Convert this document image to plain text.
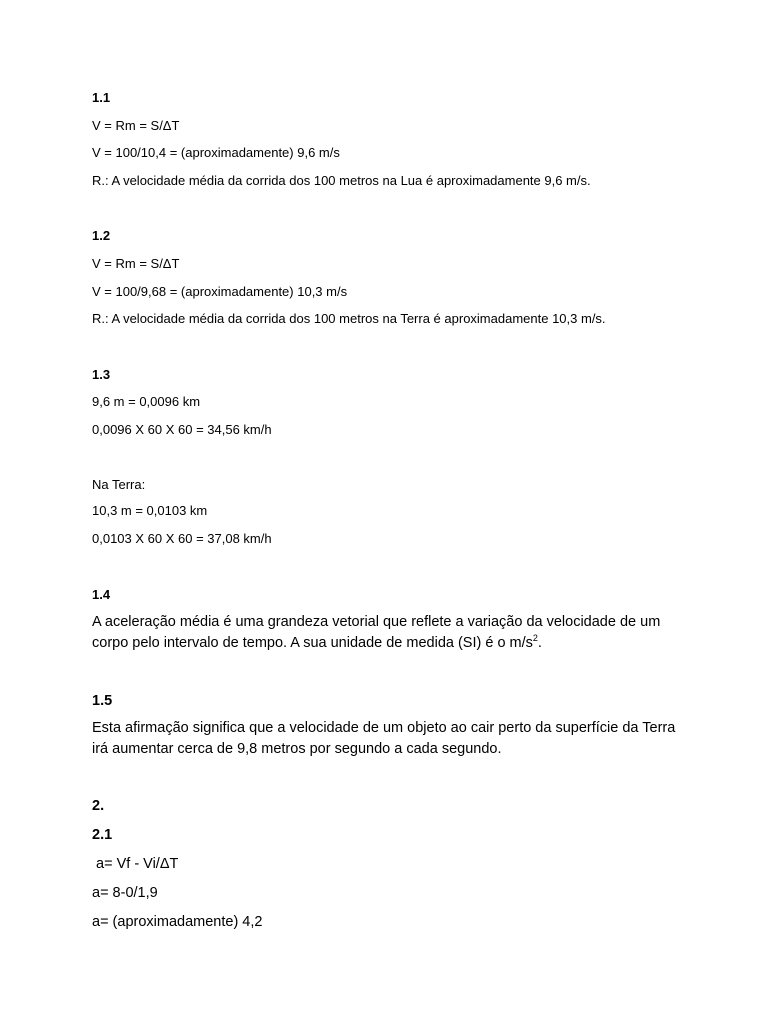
1.1
V = Rm = S/ΔT
V = 100/10,4 = (aproximadamente) 9,6 m/s
R.: A velocidade média da corrida dos 100 metros na Lua é aproximadamente 9,6 m/s.
1.2
V = Rm = S/ΔT
V = 100/9,68 = (aproximadamente) 10,3 m/s
R.: A velocidade média da corrida dos 100 metros na Terra é aproximadamente 10,3 m/s.
1.3
9,6 m = 0,0096 km
0,0096 X 60 X 60 = 34,56 km/h
Na Terra:
10,3 m = 0,0103 km
0,0103 X 60 X 60 = 37,08 km/h
1.4
A aceleração média é uma grandeza vetorial que reflete a variação da velocidade de um corpo pelo intervalo de tempo. A sua unidade de medida (SI) é o $m/s^2$.
1.5
Esta afirmação significa que a velocidade de um objeto ao cair perto da superfície da Terra irá aumentar cerca de 9,8 metros por segundo a cada segundo.
2.
2.1
a= Vf - Vi/ΔT
a= 8-0/1,9
a= (aproximadamente) 4,2
